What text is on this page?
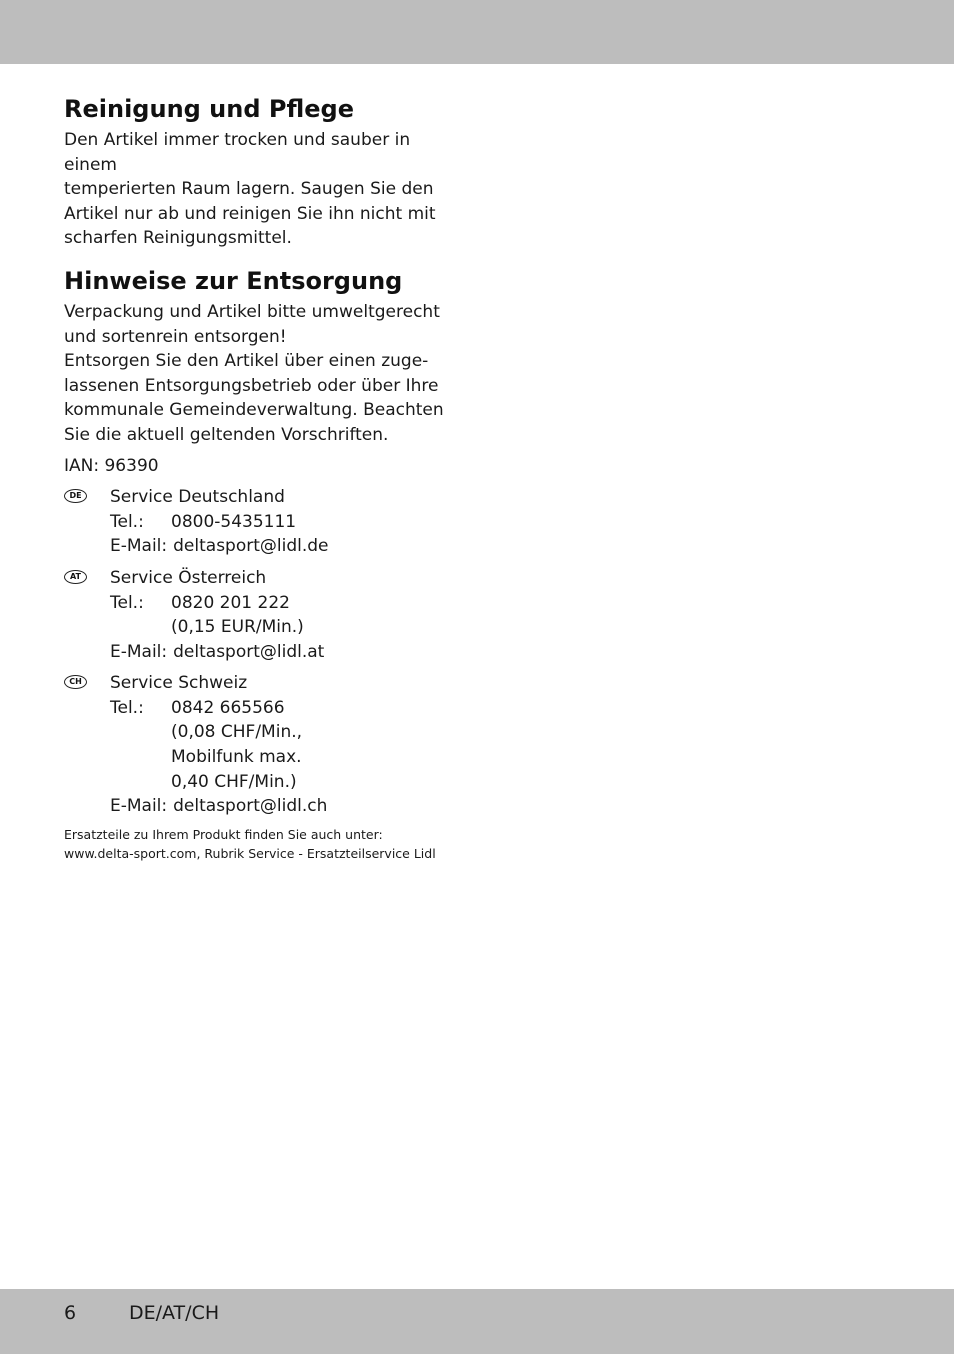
Reinigung und Pflege

Den Artikel immer trocken und sauber in einem

temperierten Raum lagern. Saugen Sie den

Artikel nur ab und reinigen Sie ihn nicht mit

scharfen Reinigungsmittel.

Hinweise zur Entsorgung

Verpackung und Artikel bitte umweltgerecht

und sortenrein entsorgen!

Entsorgen Sie den Artikel über einen zuge-

lassenen Entsorgungsbetrieb oder über Ihre

kommunale Gemeindeverwaltung. Beachten

Sie die aktuell geltenden Vorschriften.

IAN: 96390

DE	Service Deutschland
Tel.:	0800-5435111
E-Mail: deltasport@lidl.de
AT	Service Österreich
Tel.:	0820 201 222
(0,15 EUR/Min.)
E-Mail: deltasport@lidl.at
CH	Service Schweiz
Tel.:	0842 665566
(0,08 CHF/Min.,
Mobilfunk max.
0,40 CHF/Min.)
E-Mail: deltasport@lidl.ch
Ersatzteile zu Ihrem Produkt finden Sie auch unter:
www.delta-sport.com, Rubrik Service - Ersatzteilservice Lidl
6	DE/AT/CH
